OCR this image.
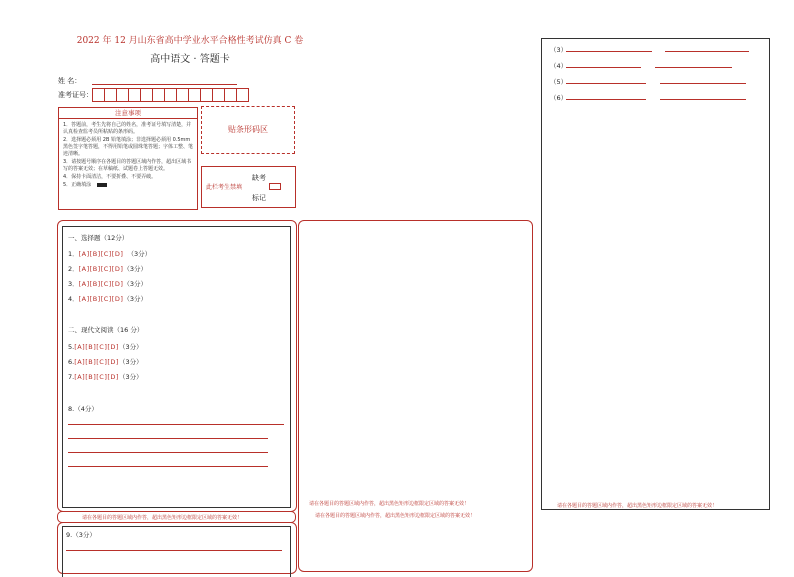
2022 年 12 月山东省高中学业水平合格性考试仿真 C 卷
高中语文 · 答题卡
姓 名：
准考证号：
注意事项
1．答题前，考生先将自己的姓名，准考证号填写清楚，并认真检查监考员所粘贴的条形码。
2．选择题必须用 2B 铅笔填涂；非选择题必须用 0.5mm 黑色签字笔答题，不得用铅笔或圆珠笔答题；字体工整、笔迹清晰。
3．请按题号顺序在各题目的答题区域内作答，超出区域书写的答案无效；在草稿纸、试题卷上答题无效。
4．保持卡面清洁，不要折叠、不要弄破。
5．正确填涂
贴条形码区
缺考
此栏考生禁填
标记
一、选择题（12分）
1．[A][B][C][D] （3分）
2．[A][B][C][D]（3分）
3．[A][B][C][D]（3分）
4．[A][B][C][D]（3分）
二、现代文阅读（16 分）
5.[A][B][C][D]（3分）
6.[A][B][C][D]（3分）
7.[A][B][C][D]（3分）
8.（4分）
请在各题目的答题区域内作答，超出黑色矩形边框限定区域的答案无效！
9.（3分）
请在各题目的答题区域内作答，超出黑色矩形边框限定区域的答案无效！
请在各题目的答题区域内作答，超出黑色矩形边框限定区域的答案无效！
（3）
（4）
（5）
（6）
请在各题目的答题区域内作答，超出黑色矩形边框限定区域的答案无效！
